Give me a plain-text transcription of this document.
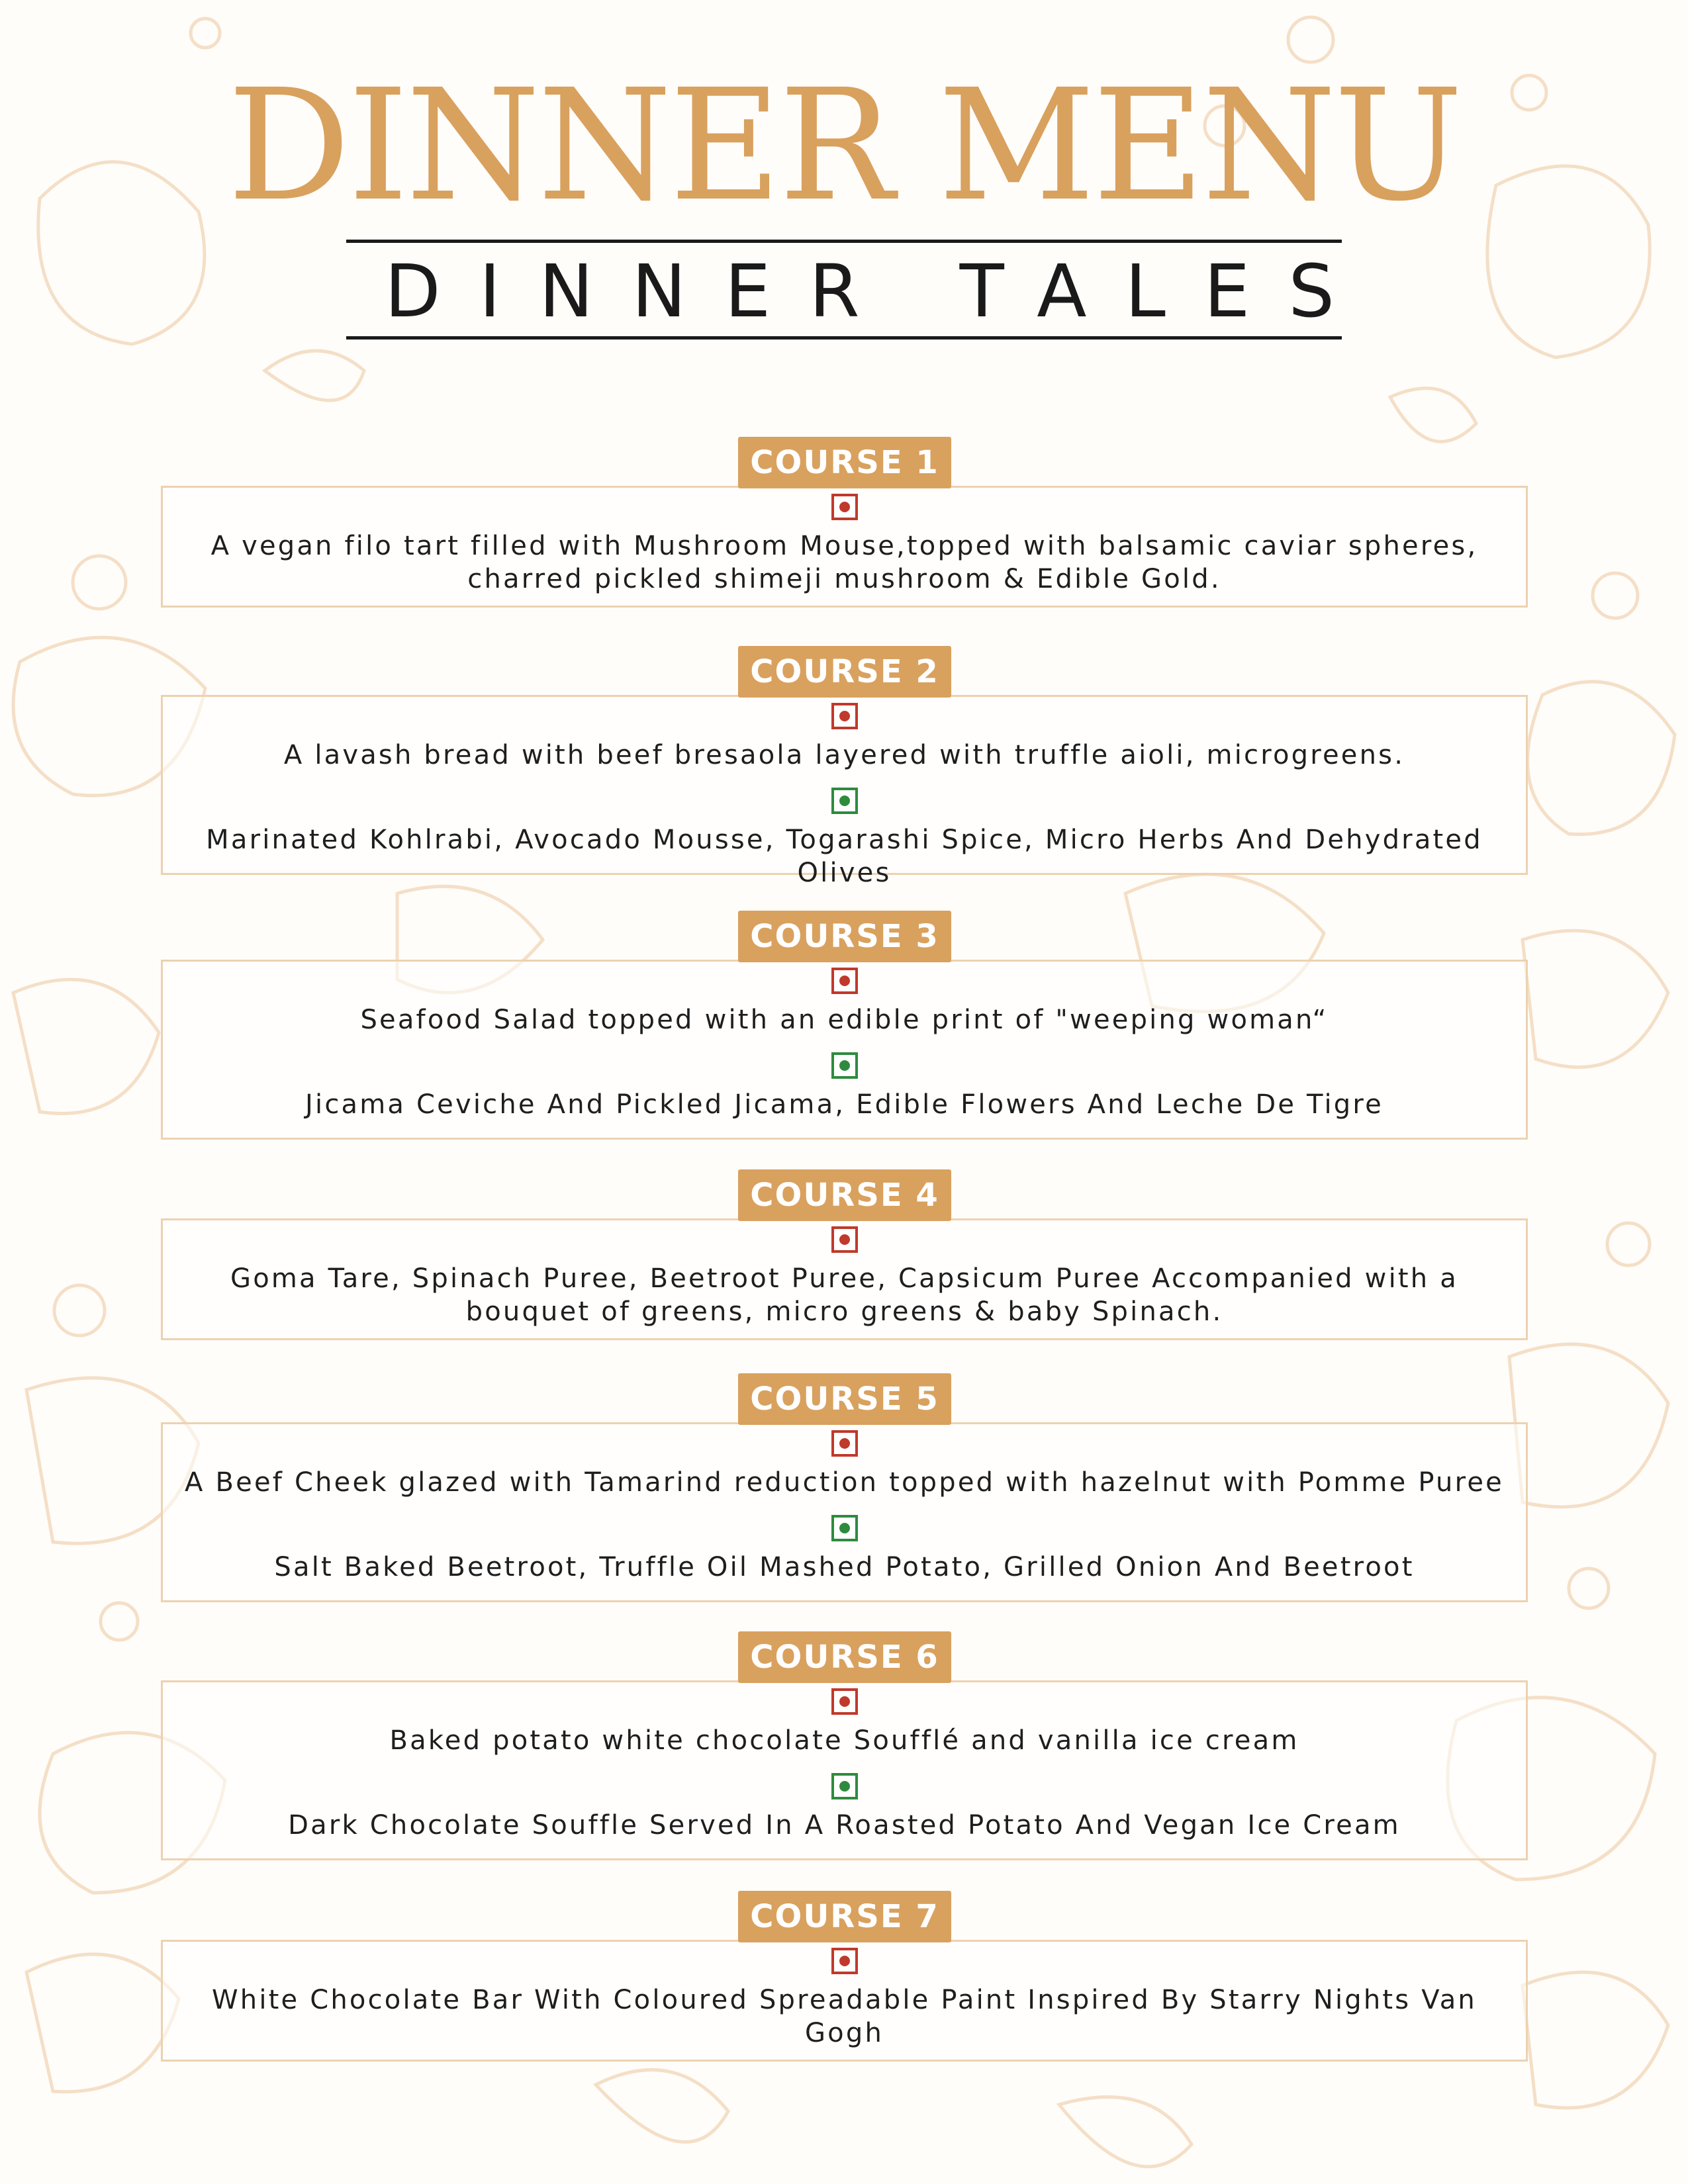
DINNER MENU
DINNER TALES
COURSE 1
A vegan filo tart filled with Mushroom Mouse,topped with balsamic caviar spheres, charred pickled shimeji mushroom & Edible Gold.
COURSE 2
A lavash bread with beef bresaola layered with truffle aioli, microgreens.
Marinated Kohlrabi, Avocado Mousse, Togarashi Spice, Micro Herbs And Dehydrated Olives
COURSE 3
Seafood Salad topped with an edible print of "weeping woman“
Jicama Ceviche And Pickled Jicama, Edible Flowers And Leche De Tigre
COURSE 4
Goma Tare, Spinach Puree, Beetroot Puree, Capsicum Puree Accompanied with a bouquet of greens, micro greens & baby Spinach.
COURSE 5
A Beef Cheek glazed with Tamarind reduction topped with hazelnut with Pomme Puree
Salt Baked Beetroot, Truffle Oil Mashed Potato, Grilled Onion And Beetroot
COURSE 6
Baked potato white chocolate Soufflé and vanilla ice cream
Dark Chocolate Souffle Served In A Roasted Potato And Vegan Ice Cream
COURSE 7
White Chocolate Bar With Coloured Spreadable Paint Inspired By Starry Nights Van Gogh
